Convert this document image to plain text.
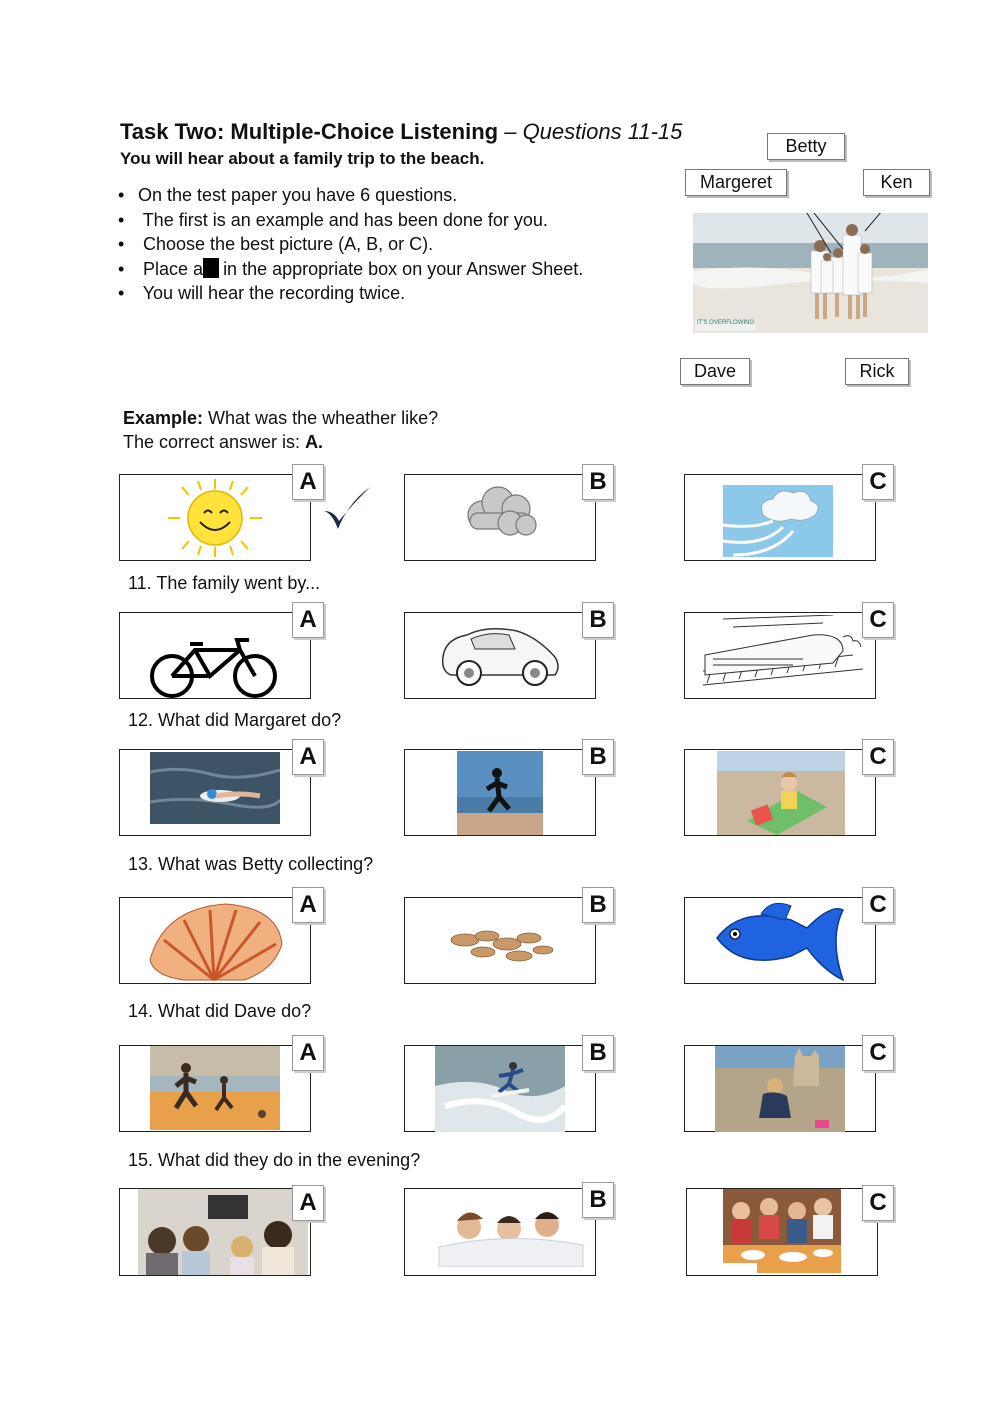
Task Two: Multiple-Choice Listening – Questions 11-15
You will hear about a family trip to the beach.
• On the test paper you have 6 questions.
• The first is an example and has been done for you.
• Choose the best picture (A, B, or C).
• Place a in the appropriate box on your Answer Sheet.
• You will hear the recording twice.
Betty
Margeret	Ken
Dave	Rick
IT'S OVERFLOWING
Example: What was the wheather like?
The correct answer is: A.
A	B	C
11. The family went by...
A	B	C
12. What did Margaret do?
A	B	C
13. What was Betty collecting?
A	B	C
14. What did Dave do?
A	B	C
15. What did they do in the evening?
A	B	C
